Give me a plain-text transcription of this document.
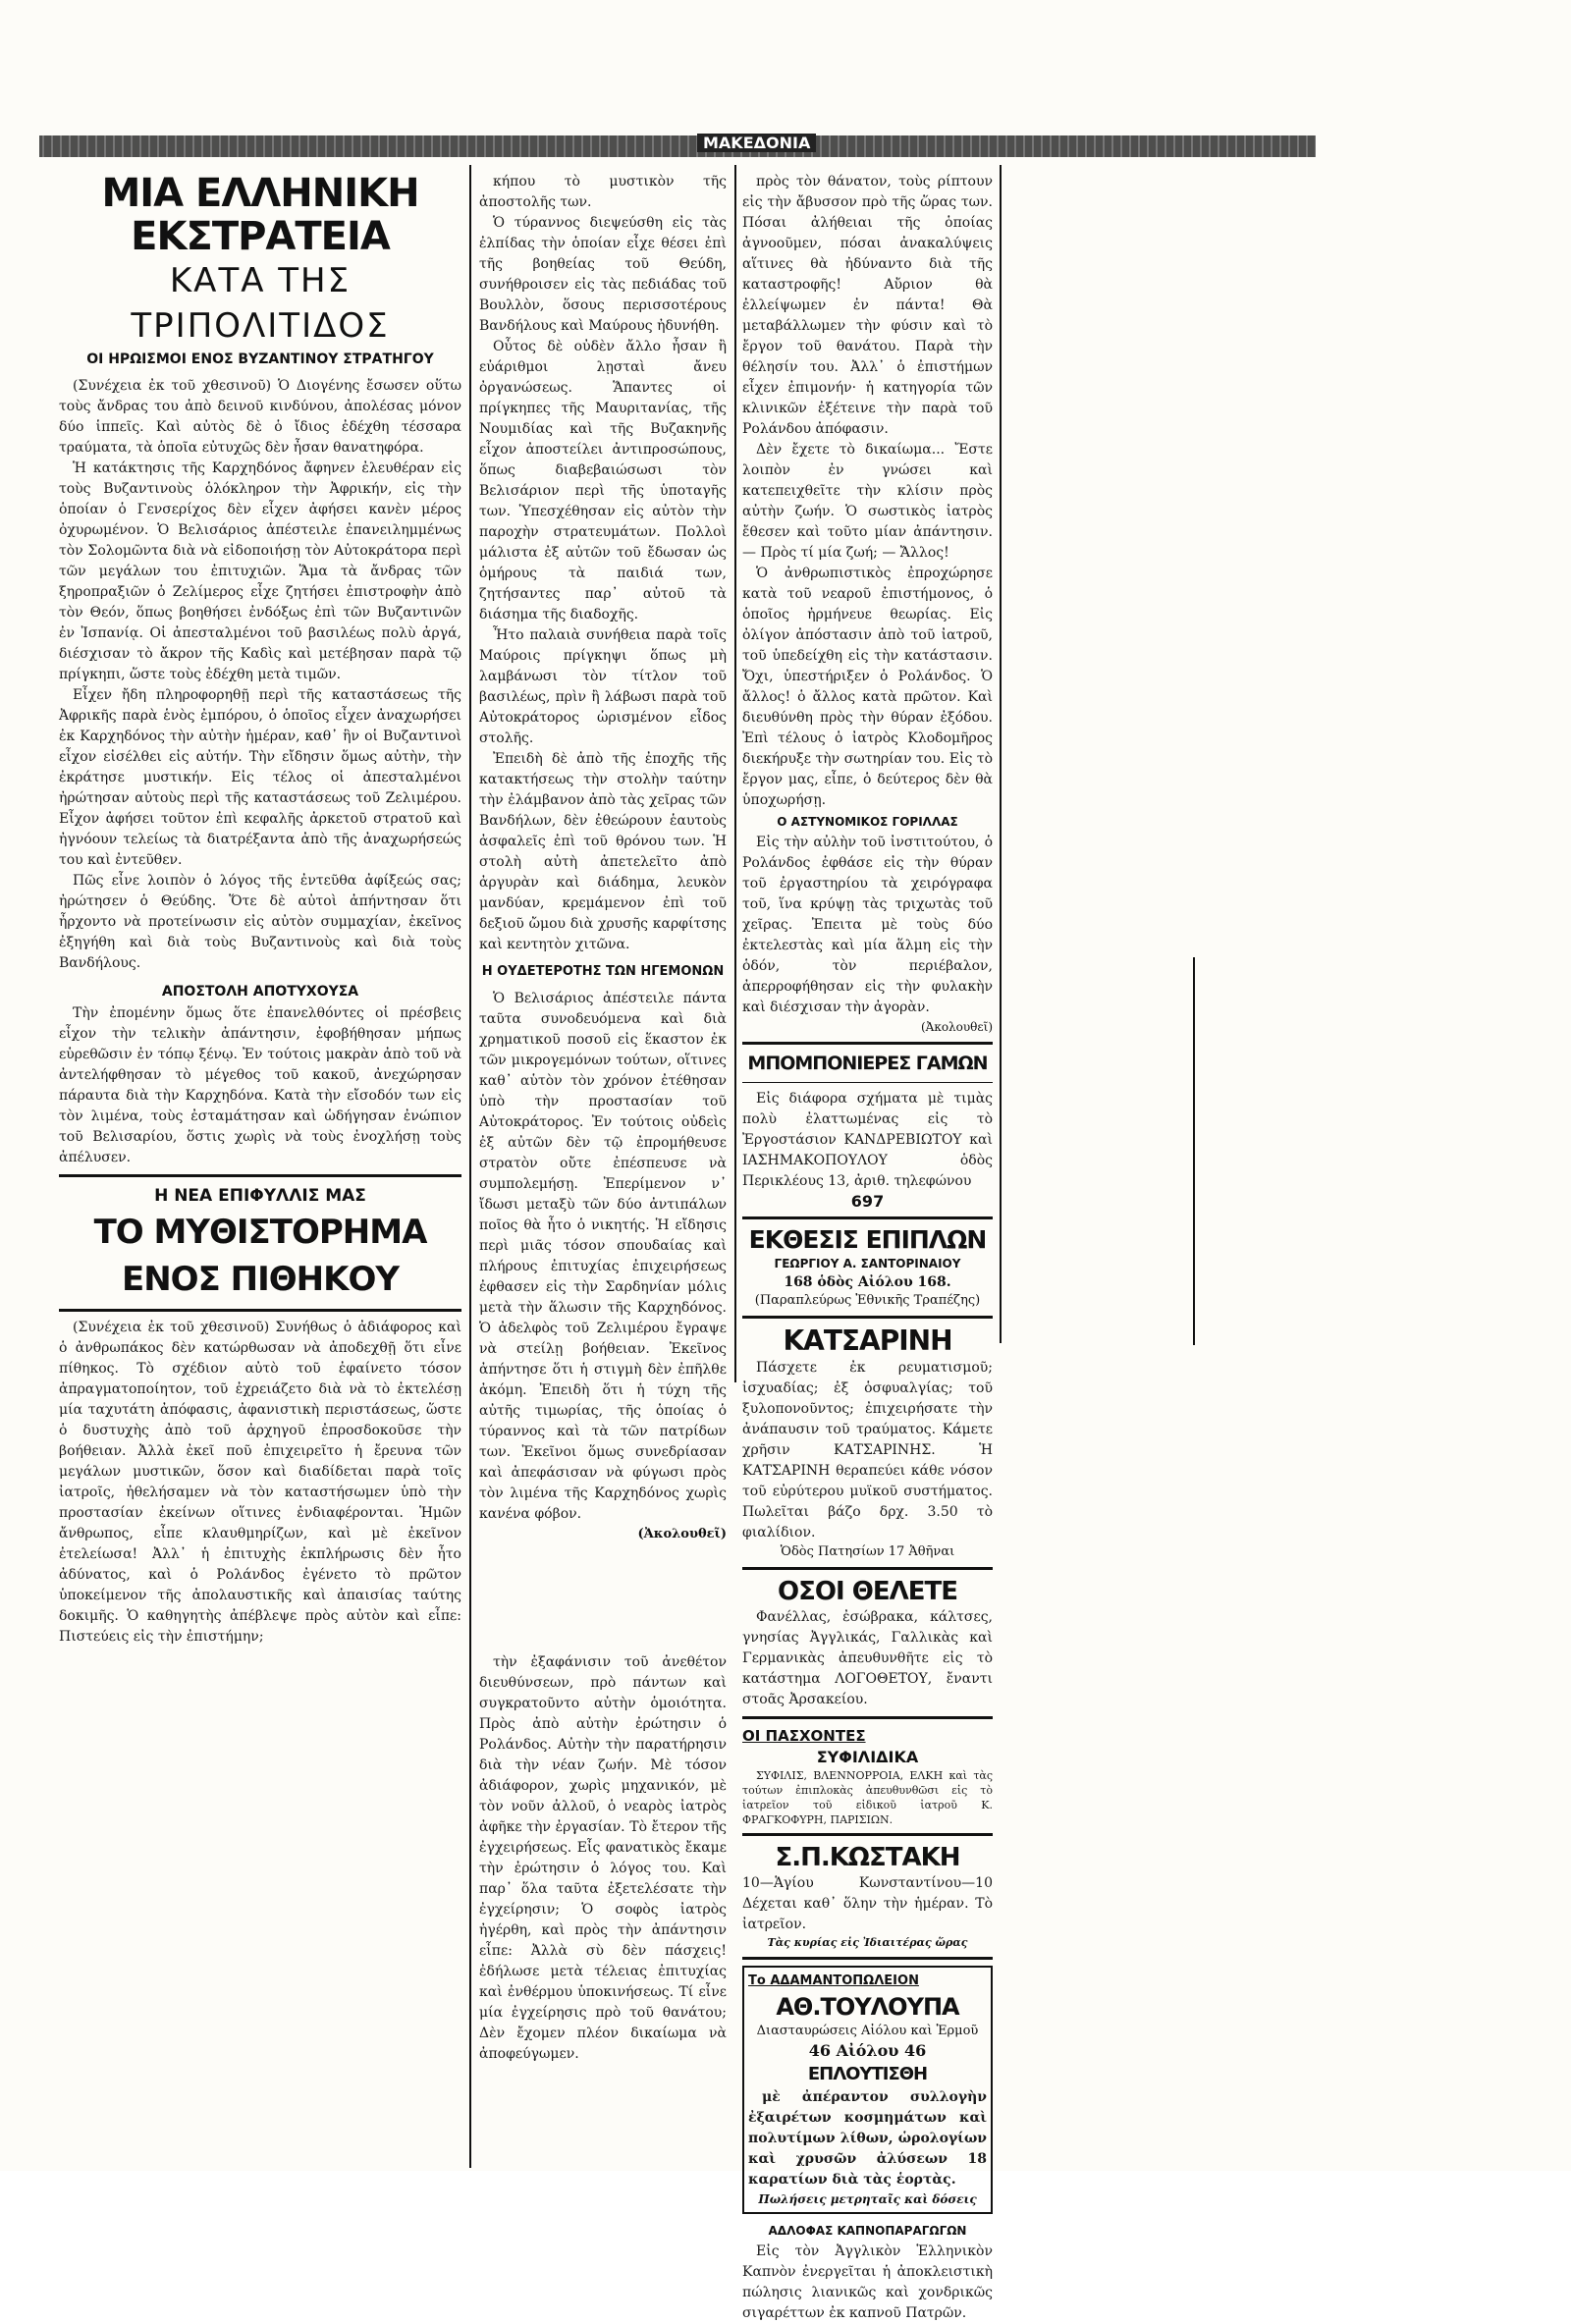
ΜΑΚΕΔΟΝΙΑ
ΜΙΑ ΕΛΛΗΝΙΚΗ ΕΚΣΤΡΑΤΕΙΑ
ΚΑΤΑ ΤΗΣ ΤΡΙΠΟΛΙΤΙΔΟΣ
ΟΙ ΗΡΩΙΣΜΟΙ ΕΝΟΣ ΒΥΖΑΝΤΙΝΟΥ ΣΤΡΑΤΗΓΟΥ

(Συνέχεια ἐκ τοῦ χθεσινοῦ) Ὁ Διογένης ἔσωσεν οὕτω τοὺς ἄνδρας του ἀπὸ δεινοῦ κινδύνου, ἀπολέσας μόνον δύο ἱππεῖς. Καὶ αὐτὸς δὲ ὁ ἴδιος ἐδέχθη τέσσαρα τραύματα, τὰ ὁποῖα εὐτυχῶς δὲν ἦσαν θανατηφόρα.

Ἡ κατάκτησις τῆς Καρχηδόνος ἄφηνεν ἐλευθέραν εἰς τοὺς Βυζαντινοὺς ὁλόκληρον τὴν Ἀφρικήν, εἰς τὴν ὁποίαν ὁ Γενσερίχος δὲν εἶχεν ἀφήσει κανὲν μέρος ὀχυρωμένον. Ὁ Βελισάριος ἀπέστειλε ἐπανειλημμένως τὸν Σολομῶντα διὰ νὰ εἰδοποιήσῃ τὸν Αὐτοκράτορα περὶ τῶν μεγάλων του ἐπιτυχιῶν. Ἅμα τὰ ἄνδρας τῶν ξηροπραξιῶν ὁ Ζελίμερος εἶχε ζητήσει ἐπιστροφὴν ἀπὸ τὸν Θεόν, ὅπως βοηθήσει ἐνδόξως ἐπὶ τῶν Βυζαντινῶν ἐν Ἰσπανίᾳ. Οἱ ἀπεσταλμένοι τοῦ βασιλέως πολὺ ἀργά, διέσχισαν τὸ ἄκρον τῆς Καδὶς καὶ μετέβησαν παρὰ τῷ πρίγκηπι, ὥστε τοὺς ἐδέχθη μετὰ τιμῶν.

Εἶχεν ἤδη πληροφορηθῇ περὶ τῆς καταστάσεως τῆς Ἀφρικῆς παρὰ ἑνὸς ἐμπόρου, ὁ ὁποῖος εἶχεν ἀναχωρήσει ἐκ Καρχηδόνος τὴν αὐτὴν ἡμέραν, καθ᾽ ἣν οἱ Βυζαντινοὶ εἶχον εἰσέλθει εἰς αὐτήν. Τὴν εἴδησιν ὅμως αὐτὴν, τὴν ἐκράτησε μυστικήν. Εἰς τέλος οἱ ἀπεσταλμένοι ἠρώτησαν αὐτοὺς περὶ τῆς καταστάσεως τοῦ Ζελιμέρου. Εἶχον ἀφήσει τοῦτον ἐπὶ κεφαλῆς ἀρκετοῦ στρατοῦ καὶ ἠγνόουν τελείως τὰ διατρέξαντα ἀπὸ τῆς ἀναχωρήσεώς του καὶ ἐντεῦθεν.

Πῶς εἶνε λοιπὸν ὁ λόγος τῆς ἐντεῦθα ἀφίξεώς σας; ἠρώτησεν ὁ Θεύδης. Ὅτε δὲ αὐτοὶ ἀπήντησαν ὅτι ἦρχοντο νὰ προτείνωσιν εἰς αὐτὸν συμμαχίαν, ἐκεῖνος ἐξηγήθη καὶ διὰ τοὺς Βυζαντινοὺς καὶ διὰ τοὺς Βανδήλους.

ΑΠΟΣΤΟΛΗ ΑΠΟΤΥΧΟΥΣΑ

Τὴν ἐπομένην ὅμως ὅτε ἐπανελθόντες οἱ πρέσβεις εἶχον τὴν τελικὴν ἀπάντησιν, ἐφοβήθησαν μήπως εὑρεθῶσιν ἐν τόπῳ ξένῳ. Ἐν τούτοις μακρὰν ἀπὸ τοῦ νὰ ἀντελήφθησαν τὸ μέγεθος τοῦ κακοῦ, ἀνεχώρησαν πάραυτα διὰ τὴν Καρχηδόνα. Κατὰ τὴν εἴσοδόν των εἰς τὸν λιμένα, τοὺς ἐσταμάτησαν καὶ ὡδήγησαν ἐνώπιον τοῦ Βελισαρίου, ὅστις χωρὶς νὰ τοὺς ἐνοχλήσῃ τοὺς ἀπέλυσεν.

Η ΝΕΑ ΕΠΙΦΥΛΛΙΣ ΜΑΣ
ΤΟ ΜΥΘΙΣΤΟΡΗΜΑ ΕΝΟΣ ΠΙΘΗΚΟΥ

(Συνέχεια ἐκ τοῦ χθεσινοῦ) Συνήθως ὁ ἀδιάφορος καὶ ὁ ἀνθρωπάκος δὲν κατώρθωσαν νὰ ἀποδεχθῇ ὅτι εἶνε πίθηκος. Τὸ σχέδιον αὐτὸ τοῦ ἐφαίνετο τόσον ἀπραγματοποίητον, τοῦ ἐχρειάζετο διὰ νὰ τὸ ἐκτελέσῃ μία ταχυτάτη ἀπόφασις, ἀφανιστικὴ περιστάσεως, ὥστε ὁ δυστυχὴς ἀπὸ τοῦ ἀρχηγοῦ ἐπροσδοκοῦσε τὴν βοήθειαν. Ἀλλὰ ἐκεῖ ποῦ ἐπιχειρεῖτο ἡ ἔρευνα τῶν μεγάλων μυστικῶν, ὅσον καὶ διαδίδεται παρὰ τοῖς ἰατροῖς, ἠθελήσαμεν νὰ τὸν καταστήσωμεν ὑπὸ τὴν προστασίαν ἐκείνων οἵτινες ἐνδιαφέρονται. Ἡμῶν ἄνθρωπος, εἶπε κλαυθμηρίζων, καὶ μὲ ἐκεῖνον ἐτελείωσα! Ἀλλ᾽ ἡ ἐπιτυχὴς ἐκπλήρωσις δὲν ἦτο ἀδύνατος, καὶ ὁ Ρολάνδος ἐγένετο τὸ πρῶτον ὑποκείμενον τῆς ἀπολαυστικῆς καὶ ἀπαισίας ταύτης δοκιμῆς. Ὁ καθηγητὴς ἀπέβλεψε πρὸς αὐτὸν καὶ εἶπε: Πιστεύεις εἰς τὴν ἐπιστήμην;

κήπου τὸ μυστικὸν τῆς ἀποστολῆς των.

Ὁ τύραννος διεψεύσθη εἰς τὰς ἐλπίδας τὴν ὁποίαν εἶχε θέσει ἐπὶ τῆς βοηθείας τοῦ Θεύδη, συνήθροισεν εἰς τὰς πεδιάδας τοῦ Βουλλὸν, ὅσους περισσοτέρους Βανδήλους καὶ Μαύρους ἠδυνήθη.

Οὗτος δὲ οὐδὲν ἄλλο ἦσαν ἢ εὐάριθμοι λῃσταὶ ἄνευ ὀργανώσεως. Ἅπαντες οἱ πρίγκηπες τῆς Μαυριτανίας, τῆς Νουμιδίας καὶ τῆς Βυζακηνῆς εἶχον ἀποστείλει ἀντιπροσώπους, ὅπως διαβεβαιώσωσι τὸν Βελισάριον περὶ τῆς ὑποταγῆς των. Ὑπεσχέθησαν εἰς αὐτὸν τὴν παροχὴν στρατευμάτων. Πολλοὶ μάλιστα ἐξ αὐτῶν τοῦ ἔδωσαν ὡς ὁμήρους τὰ παιδιά των, ζητήσαντες παρ᾽ αὐτοῦ τὰ διάσημα τῆς διαδοχῆς.

Ἦτο παλαιὰ συνήθεια παρὰ τοῖς Μαύροις πρίγκηψι ὅπως μὴ λαμβάνωσι τὸν τίτλον τοῦ βασιλέως, πρὶν ἢ λάβωσι παρὰ τοῦ Αὐτοκράτορος ὡρισμένον εἶδος στολῆς.

Ἐπειδὴ δὲ ἀπὸ τῆς ἐποχῆς τῆς κατακτήσεως τὴν στολὴν ταύτην τὴν ἐλάμβανον ἀπὸ τὰς χεῖρας τῶν Βανδήλων, δὲν ἐθεώρουν ἑαυτοὺς ἀσφαλεῖς ἐπὶ τοῦ θρόνου των. Ἡ στολὴ αὐτὴ ἀπετελεῖτο ἀπὸ ἀργυρὰν καὶ διάδημα, λευκὸν μανδύαν, κρεμάμενον ἐπὶ τοῦ δεξιοῦ ὤμου διὰ χρυσῆς καρφίτσης καὶ κεντητὸν χιτῶνα.

Η ΟΥΔΕΤΕΡΟΤΗΣ ΤΩΝ ΗΓΕΜΟΝΩΝ

Ὁ Βελισάριος ἀπέστειλε πάντα ταῦτα συνοδευόμενα καὶ διὰ χρηματικοῦ ποσοῦ εἰς ἕκαστον ἐκ τῶν μικρογεμόνων τούτων, οἵτινες καθ᾽ αὑτὸν τὸν χρόνον ἐτέθησαν ὑπὸ τὴν προστασίαν τοῦ Αὐτοκράτορος. Ἐν τούτοις οὐδεὶς ἐξ αὐτῶν δὲν τῷ ἐπρομήθευσε στρατὸν οὔτε ἐπέσπευσε νὰ συμπολεμήσῃ. Ἐπερίμενον ν᾽ ἴδωσι μεταξὺ τῶν δύο ἀντιπάλων ποῖος θὰ ἦτο ὁ νικητής. Ἡ εἴδησις περὶ μιᾶς τόσον σπουδαίας καὶ πλήρους ἐπιτυχίας ἐπιχειρήσεως ἐφθασεν εἰς τὴν Σαρδηνίαν μόλις μετὰ τὴν ἅλωσιν τῆς Καρχηδόνος. Ὁ ἀδελφὸς τοῦ Ζελιμέρου ἔγραψε νὰ στείλῃ βοήθειαν. Ἐκεῖνος ἀπήντησε ὅτι ἡ στιγμὴ δὲν ἐπῆλθε ἀκόμη. Ἐπειδὴ ὅτι ἡ τύχη τῆς αὐτῆς τιμωρίας, τῆς ὁποίας ὁ τύραννος καὶ τὰ τῶν πατρίδων των. Ἐκεῖνοι ὅμως συνεδρίασαν καὶ ἀπεφάσισαν νὰ φύγωσι πρὸς τὸν λιμένα τῆς Καρχηδόνος χωρὶς κανένα φόβον.

(Ἀκολουθεῖ)

τὴν ἐξαφάνισιν τοῦ ἀνεθέτον διευθύνσεων, πρὸ πάντων καὶ συγκρατοῦντο αὐτὴν ὁμοιότητα. Πρὸς ἀπὸ αὐτὴν ἐρώτησιν ὁ Ρολάνδος. Αὐτὴν τὴν παρατήρησιν διὰ τὴν νέαν ζωήν. Μὲ τόσον ἀδιάφορον, χωρὶς μηχανικόν, μὲ τὸν νοῦν ἀλλοῦ, ὁ νεαρὸς ἰατρὸς ἀφῆκε τὴν ἐργασίαν. Τὸ ἔτερον τῆς ἐγχειρήσεως. Εἶς φανατικὸς ἔκαμε τὴν ἐρώτησιν ὁ λόγος του. Καὶ παρ᾽ ὅλα ταῦτα ἐξετελέσατε τὴν ἐγχείρησιν; Ὁ σοφὸς ἰατρὸς ἠγέρθη, καὶ πρὸς τὴν ἀπάντησιν εἶπε: Ἀλλὰ σὺ δὲν πάσχεις! ἐδήλωσε μετὰ τέλειας ἐπιτυχίας καὶ ἐνθέρμου ὑποκινήσεως. Τί εἶνε μία ἐγχείρησις πρὸ τοῦ θανάτου; Δὲν ἔχομεν πλέον δικαίωμα νὰ ἀποφεύγωμεν.

πρὸς τὸν θάνατον, τοὺς ρίπτουν εἰς τὴν ἄβυσσον πρὸ τῆς ὥρας των. Πόσαι ἀλήθειαι τῆς ὁποίας ἀγνοοῦμεν, πόσαι ἀνακαλύψεις αἵτινες θὰ ἠδύναντο διὰ τῆς καταστροφῆς! Αὔριον θὰ ἐλλείψωμεν ἐν πάντα! Θὰ μεταβάλλωμεν τὴν φύσιν καὶ τὸ ἔργον τοῦ θανάτου. Παρὰ τὴν θέλησίν του. Ἀλλ᾽ ὁ ἐπιστήμων εἶχεν ἐπιμονήν· ἡ κατηγορία τῶν κλινικῶν ἐξέτεινε τὴν παρὰ τοῦ Ρολάνδου ἀπόφασιν.

Δὲν ἔχετε τὸ δικαίωμα... Ἔστε λοιπὸν ἐν γνώσει καὶ κατεπειχθεῖτε τὴν κλίσιν πρὸς αὐτὴν ζωήν. Ὁ σωστικὸς ἰατρὸς ἔθεσεν καὶ τοῦτο μίαν ἀπάντησιν. — Πρὸς τί μία ζωή; — Ἄλλος!

Ὁ ἀνθρωπιστικὸς ἐπροχώρησε κατὰ τοῦ νεαροῦ ἐπιστήμονος, ὁ ὁποῖος ἠρμήνευε θεωρίας. Εἰς ὀλίγον ἀπόστασιν ἀπὸ τοῦ ἰατροῦ, τοῦ ὑπεδείχθη εἰς τὴν κατάστασιν. Ὄχι, ὑπεστήριξεν ὁ Ρολάνδος. Ὁ ἄλλος! ὁ ἄλλος κατὰ πρῶτον. Καὶ διευθύνθη πρὸς τὴν θύραν ἐξόδου. Ἐπὶ τέλους ὁ ἰατρὸς Κλοδομῆρος διεκήρυξε τὴν σωτηρίαν του. Εἰς τὸ ἔργον μας, εἶπε, ὁ δεύτερος δὲν θὰ ὑποχωρήσῃ.

Ο ΑΣΤΥΝΟΜΙΚΟΣ ΓΟΡΙΛΛΑΣ

Εἰς τὴν αὐλὴν τοῦ ἰνστιτούτου, ὁ Ρολάνδος ἐφθάσε εἰς τὴν θύραν τοῦ ἐργαστηρίου τὰ χειρόγραφα τοῦ, ἵνα κρύψῃ τὰς τριχωτὰς τοῦ χεῖρας. Ἐπειτα μὲ τοὺς δύο ἐκτελεστὰς καὶ μία ἅλμη εἰς τὴν ὁδόν, τὸν περιέβαλον, ἀπερροφήθησαν εἰς τὴν φυλακὴν καὶ διέσχισαν τὴν ἀγορὰν.

(Ἀκολουθεῖ)
ΜΠΟΜΠΟΝΙΕΡΕΣ ΓΑΜΩΝ

Εἰς διάφορα σχήματα μὲ τιμὰς πολὺ ἐλαττωμένας εἰς τὸ Ἐργοστάσιον ΚΑΝΔΡΕΒΙΩΤΟΥ καὶ ΙΑΣΗΜΑΚΟΠΟΥΛΟΥ ὁδὸς Περικλέους 13, ἀριθ. τηλεφώνου

697
ΕΚΘΕΣΙΣ ΕΠΙΠΛΩΝ
ΓΕΩΡΓΙΟΥ Α. ΣΑΝΤΟΡΙΝΑΙΟΥ
168 ὁδὸς Αἰόλου 168.
(Παραπλεύρως Ἐθνικῆς Τραπέζης)
ΚΑΤΣΑΡΙΝΗ

Πάσχετε ἐκ ρευματισμοῦ; ἰσχυαδίας; ἐξ ὁσφυαλγίας; τοῦ ξυλοπονοῦντος; ἐπιχειρήσατε τὴν ἀνάπαυσιν τοῦ τραύματος. Κάμετε χρῆσιν ΚΑΤΣΑΡΙΝΗΣ. Ἡ ΚΑΤΣΑΡΙΝΗ θεραπεύει κάθε νόσον τοῦ εὐρύτερου μυϊκοῦ συστήματος. Πωλεῖται βάζο δρχ. 3.50 τὸ φιαλίδιον.

Ὁδὸς Πατησίων 17 Ἀθῆναι
ΟΣΟΙ ΘΕΛΕΤΕ

Φανέλλας, ἐσώβρακα, κάλτσες, γνησίας Ἀγγλικάς, Γαλλικὰς καὶ Γερμανικὰς ἀπευθυνθῆτε εἰς τὸ κατάστημα ΛΟΓΟΘΕΤΟΥ, ἔναντι στοᾶς Ἀρσακείου.

ΟΙ ΠΑΣΧΟΝΤΕΣ
ΣΥΦΙΛΙΔΙΚΑ

ΣΥΦΙΛΙΣ, ΒΛΕΝΝΟΡΡΟΙΑ, ΕΛΚΗ καὶ τὰς τούτων ἐπιπλοκὰς ἀπευθυνθῶσι εἰς τὸ ἰατρεῖον τοῦ εἰδικοῦ ἰατροῦ Κ. ΦΡΑΓΚΟΦΥΡΗ, ΠΑΡΙΣΙΩΝ.

Σ.Π.ΚΩΣΤΑΚΗ

10—Ἁγίου Κωνσταντίνου—10 Δέχεται καθ᾽ ὅλην τὴν ἡμέραν. Τὸ ἰατρεῖον.

Τὰς κυρίας εἰς Ἰδιαιτέρας ὥρας
Το ΑΔΑΜΑΝΤΟΠΩΛΕΙΟΝ
ΑΘ.ΤΟΥΛΟΥΠΑ
Διασταυρώσεις Αἰόλου καὶ Ἑρμοῦ
46 Αἰόλου 46
ΕΠΛΟΥΤΙΣΘΗ

μὲ ἀπέραντον συλλογὴν ἐξαιρέτων κοσμημάτων καὶ πολυτίμων λίθων, ὡρολογίων καὶ χρυσῶν ἀλύσεων 18 καρατίων διὰ τὰς ἑορτὰς.

Πωλήσεις μετρηταῖς καὶ δόσεις
ΑΔΛΟΦΑΣ ΚΑΠΝΟΠΑΡΑΓΩΓΩΝ

Εἰς τὸν Ἀγγλικὸν Ἑλληνικὸν Καπνὸν ἐνεργεῖται ἡ ἀποκλειστικὴ πώλησις λιανικῶς καὶ χονδρικῶς σιγαρέττων ἐκ καπνοῦ Πατρῶν.
